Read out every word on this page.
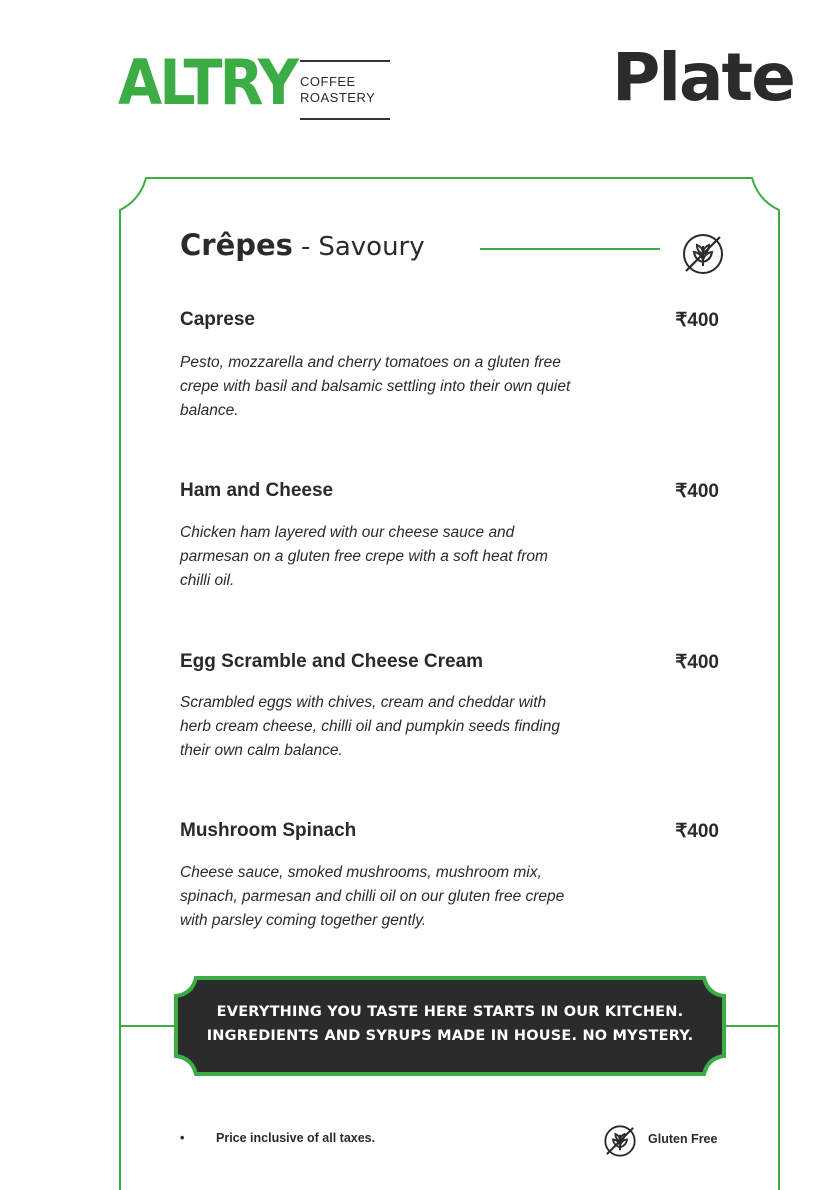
ALTRY COFFEE
ROASTERY	Plate
Crêpes - Savoury
Caprese	₹400
Pesto, mozzarella and cherry tomatoes on a gluten free crepe with basil and balsamic settling into their own quiet balance.
Ham and Cheese	₹400
Chicken ham layered with our cheese sauce and parmesan on a gluten free crepe with a soft heat from chilli oil.
Egg Scramble and Cheese Cream	₹400
Scrambled eggs with chives, cream and cheddar with herb cream cheese, chilli oil and pumpkin seeds finding their own calm balance.
Mushroom Spinach	₹400
Cheese sauce, smoked mushrooms, mushroom mix, spinach, parmesan and chilli oil on our gluten free crepe with parsley coming together gently.
EVERYTHING YOU TASTE HERE STARTS IN OUR KITCHEN.
INGREDIENTS AND SYRUPS MADE IN HOUSE. NO MYSTERY.
•	Price inclusive of all taxes.	Gluten Free
